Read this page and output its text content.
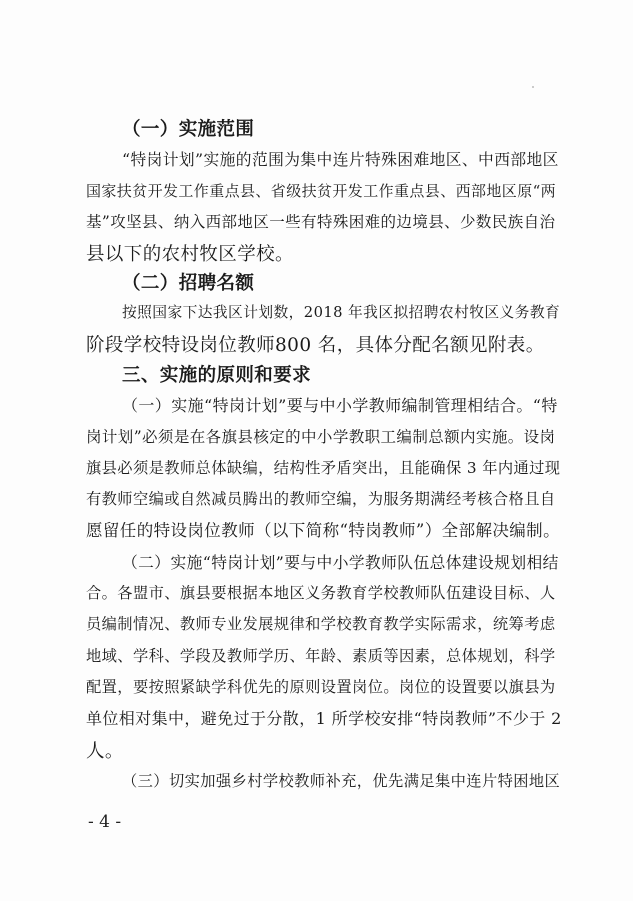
（一）实施范围
“特岗计划”实施的范围为集中连片特殊困难地区、中西部地区
国家扶贫开发工作重点县、省级扶贫开发工作重点县、西部地区原“两
基”攻坚县、纳入西部地区一些有特殊困难的边境县、少数民族自治
县以下的农村牧区学校。
（二）招聘名额
按照国家下达我区计划数，2018 年我区拟招聘农村牧区义务教育
阶段学校特设岗位教师800 名，具体分配名额见附表。
三、实施的原则和要求
（一）实施“特岗计划”要与中小学教师编制管理相结合。“特
岗计划”必须是在各旗县核定的中小学教职工编制总额内实施。设岗
旗县必须是教师总体缺编，结构性矛盾突出，且能确保 3 年内通过现
有教师空编或自然减员腾出的教师空编，为服务期满经考核合格且自
愿留任的特设岗位教师（以下简称“特岗教师”）全部解决编制。
（二）实施“特岗计划”要与中小学教师队伍总体建设规划相结
合。各盟市、旗县要根据本地区义务教育学校教师队伍建设目标、人
员编制情况、教师专业发展规律和学校教育教学实际需求，统筹考虑
地域、学科、学段及教师学历、年龄、素质等因素，总体规划，科学
配置，要按照紧缺学科优先的原则设置岗位。岗位的设置要以旗县为
单位相对集中，避免过于分散，1 所学校安排“特岗教师”不少于 2
人。
（三）切实加强乡村学校教师补充，优先满足集中连片特困地区
- 4 -
